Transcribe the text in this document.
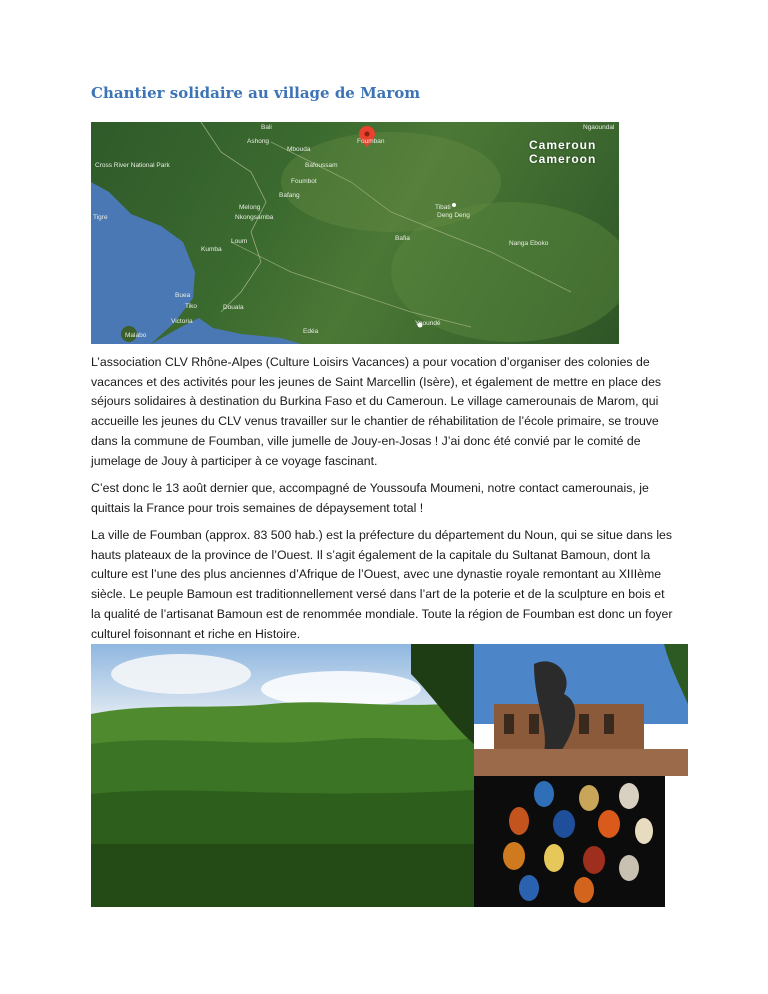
Chantier solidaire au village de Marom
Bali
Ashong
Mbouda
Foumban
Bafoussam
Cross River National Park
Bafang
Melong
Nkongsamba
Tibati
Kumba
Loum	Bafia
Nanga Eboko
Buea
Tiko	Douala
Victoria
Malabo
Edéa
Yaoundé
Ngaoundal
Tigre	Deng Deng
Foumbot
Cameroun
Cameroon

L’association CLV Rhône-Alpes (Culture Loisirs Vacances) a pour vocation d’organiser des colonies de vacances et des activités pour les jeunes de Saint Marcellin (Isère), et également de mettre en place des séjours solidaires à destination du Burkina Faso et du Cameroun. Le village camerounais de Marom, qui accueille les jeunes du CLV venus travailler sur le chantier de réhabilitation de l’école primaire, se trouve dans la commune de Foumban, ville jumelle de Jouy-en-Josas ! J’ai donc été convié par le comité de jumelage de Jouy à participer à ce voyage fascinant.

C’est donc le 13 août dernier que, accompagné de Youssoufa Moumeni, notre contact camerounais, je quittais la France pour trois semaines de dépaysement total !

La ville de Foumban (approx. 83 500 hab.) est la préfecture du département du Noun, qui se situe dans les hauts plateaux de la province de l’Ouest. Il s’agit également de la capitale du Sultanat Bamoun, dont la culture est l’une des plus anciennes d’Afrique de l’Ouest, avec une dynastie royale remontant au XIIIème siècle. Le peuple Bamoun est traditionnellement versé dans l’art de la poterie et de la sculpture en bois et la qualité de l’artisanat Bamoun est de renommée mondiale. Toute la région de Foumban est donc un foyer culturel foisonnant et riche en Histoire.
